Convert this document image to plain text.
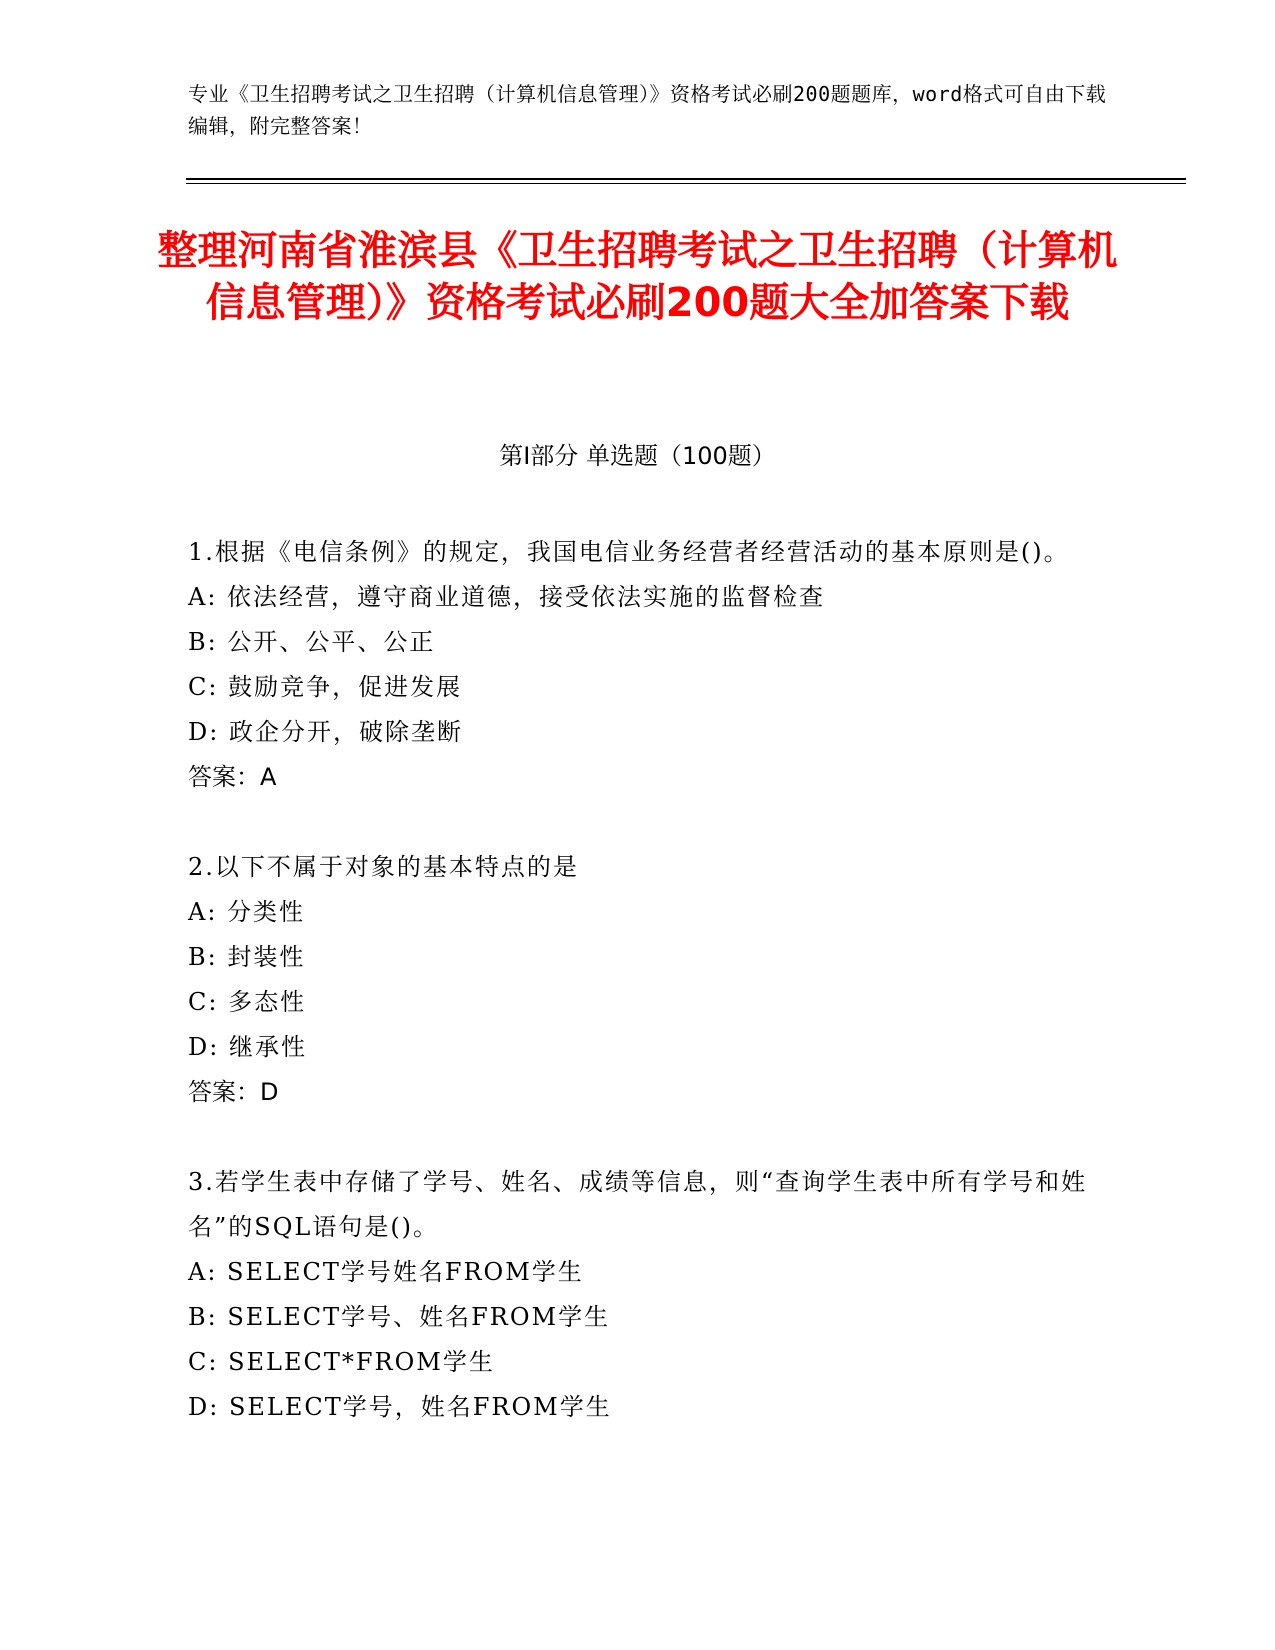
专业《卫生招聘考试之卫生招聘（计算机信息管理）》资格考试必刷200题题库，word格式可自由下载编辑，附完整答案！
整理河南省淮滨县《卫生招聘考试之卫生招聘（计算机信息管理）》资格考试必刷200题大全加答案下载
第Ⅰ部分 单选题（100题）

1.根据《电信条例》的规定，我国电信业务经营者经营活动的基本原则是()。

A: 依法经营，遵守商业道德，接受依法实施的监督检查

B: 公开、公平、公正

C: 鼓励竞争，促进发展

D: 政企分开，破除垄断

答案：A

2.以下不属于对象的基本特点的是

A: 分类性

B: 封装性

C: 多态性

D: 继承性

答案：D

3.若学生表中存储了学号、姓名、成绩等信息，则“查询学生表中所有学号和姓名”的SQL语句是()。

A: SELECT学号姓名FROM学生

B: SELECT学号、姓名FROM学生

C: SELECT*FROM学生

D: SELECT学号，姓名FROM学生
